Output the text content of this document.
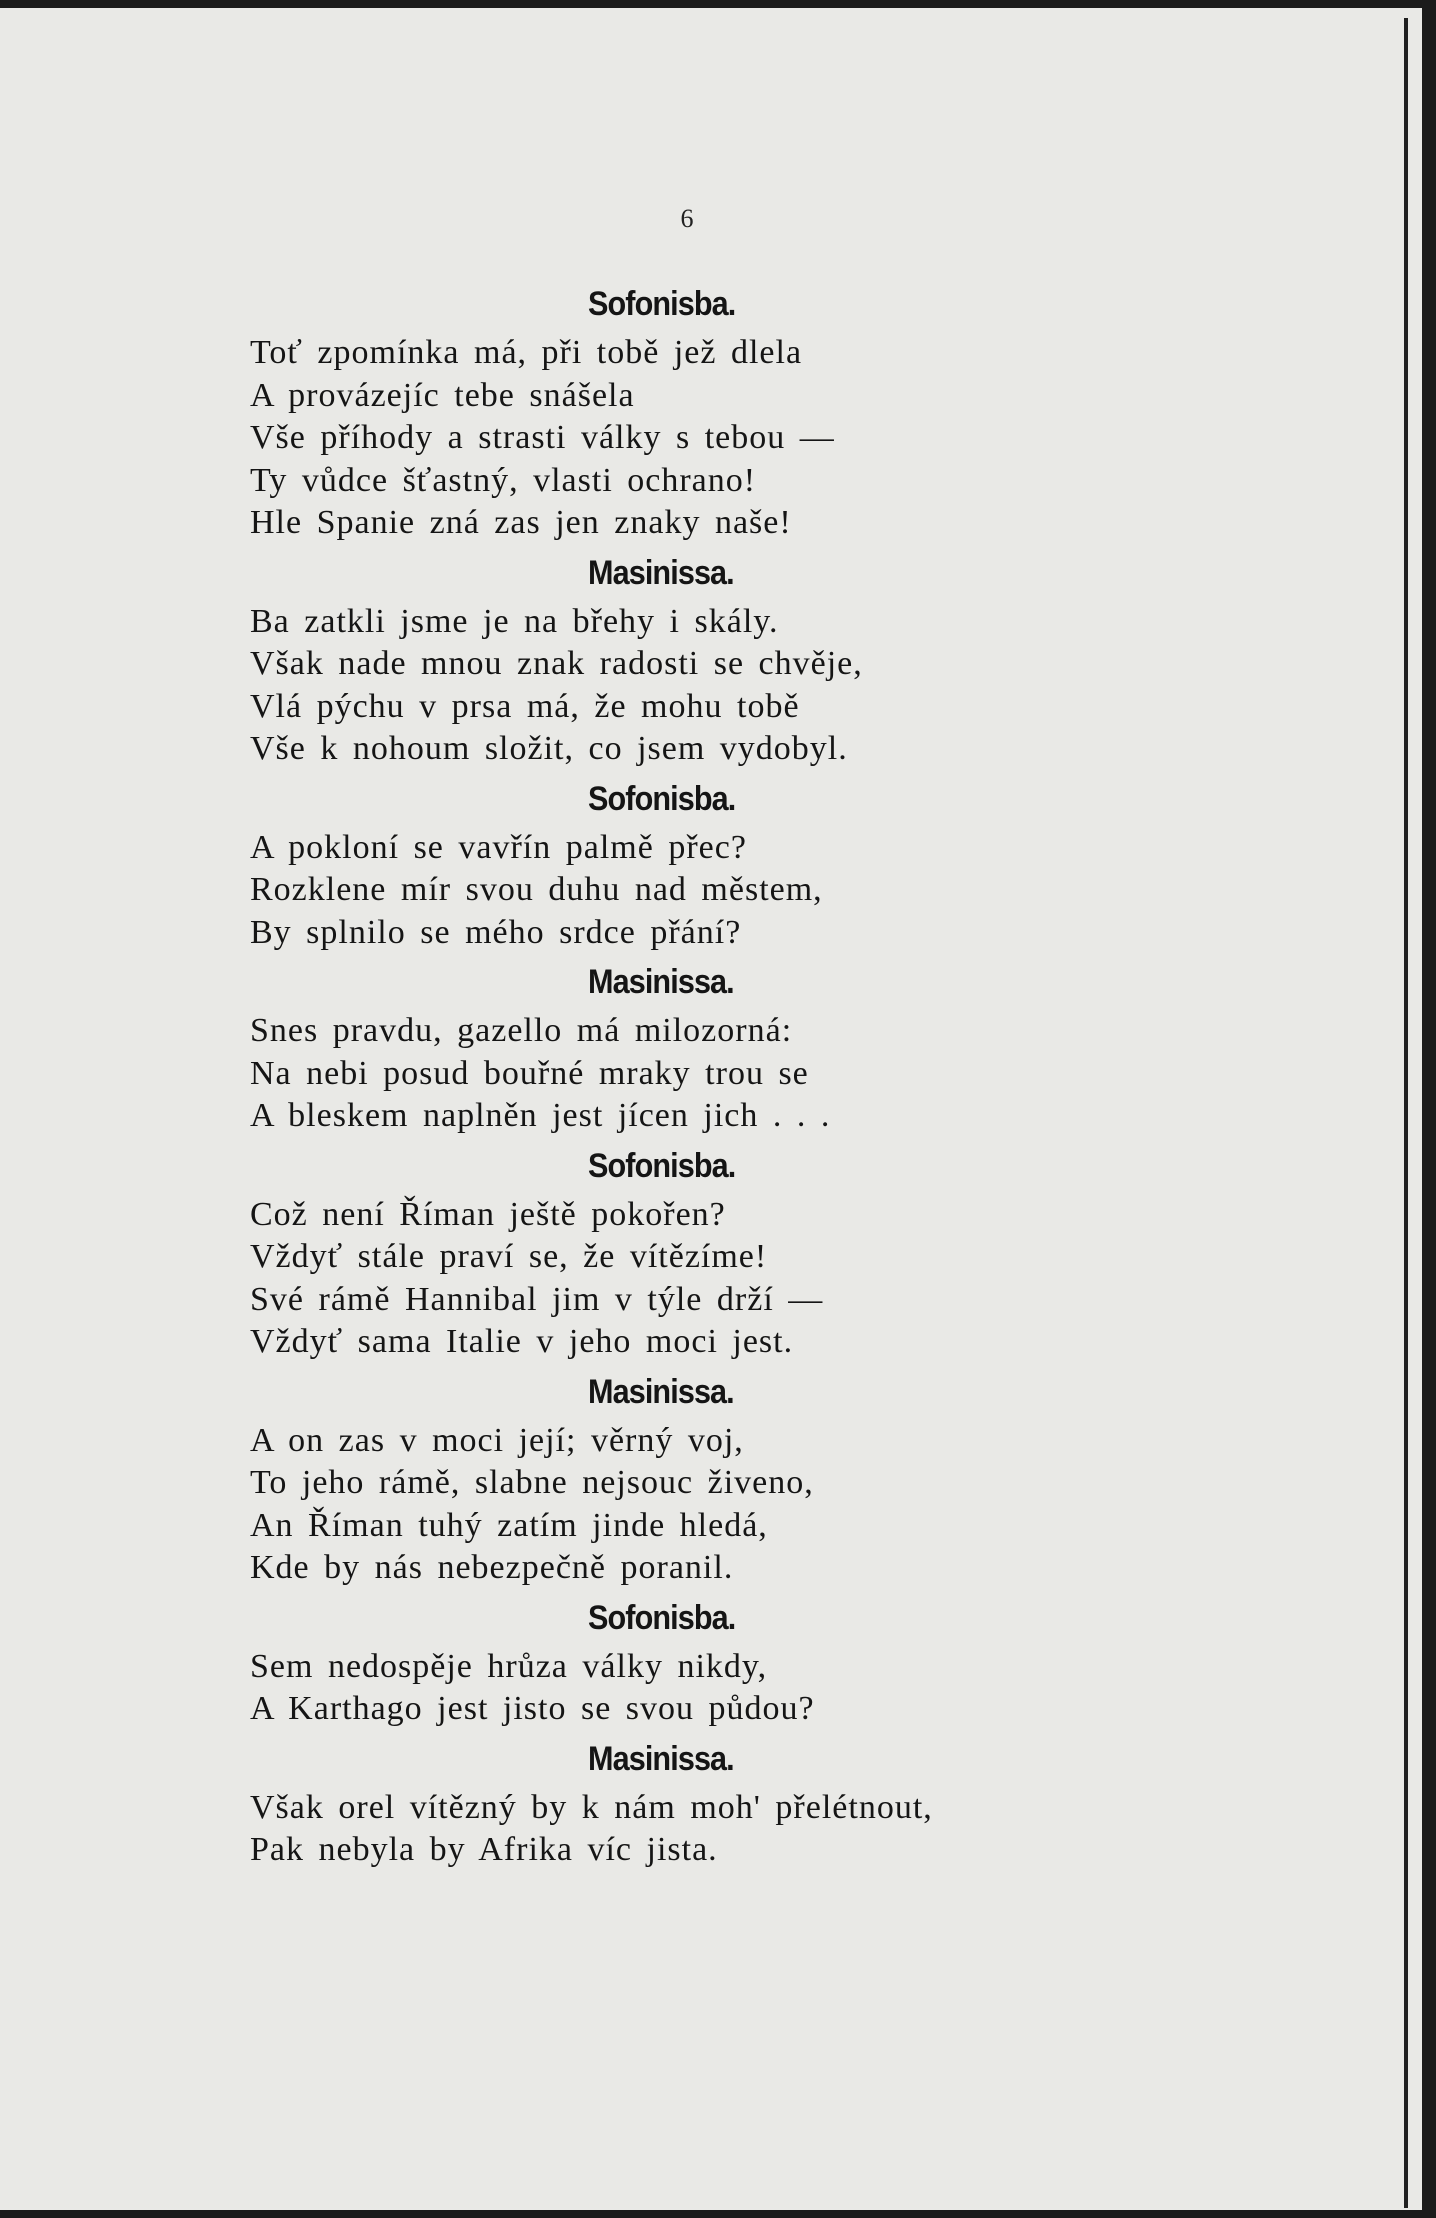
6
Sofonisba.
Toť zpomínka má, při tobě jež dlela
A provázejíc tebe snášela
Vše příhody a strasti války s tebou —
Ty vůdce šťastný, vlasti ochrano!
Hle Spanie zná zas jen znaky naše!
Masinissa.
Ba zatkli jsme je na břehy i skály.
Však nade mnou znak radosti se chvěje,
Vlá pýchu v prsa má, že mohu tobě
Vše k nohoum složit, co jsem vydobyl.
Sofonisba.
A pokloní se vavřín palmě přec?
Rozklene mír svou duhu nad městem,
By splnilo se mého srdce přání?
Masinissa.
Snes pravdu, gazello má milozorná:
Na nebi posud bouřné mraky trou se
A bleskem naplněn jest jícen jich . . .
Sofonisba.
Což není Říman ještě pokořen?
Vždyť stále praví se, že vítězíme!
Své rámě Hannibal jim v týle drží —
Vždyť sama Italie v jeho moci jest.
Masinissa.
A on zas v moci její; věrný voj,
To jeho rámě, slabne nejsouc živeno,
An Říman tuhý zatím jinde hledá,
Kde by nás nebezpečně poranil.
Sofonisba.
Sem nedospěje hrůza války nikdy,
A Karthago jest jisto se svou půdou?
Masinissa.
Však orel vítězný by k nám moh' přelétnout,
Pak nebyla by Afrika víc jista.
